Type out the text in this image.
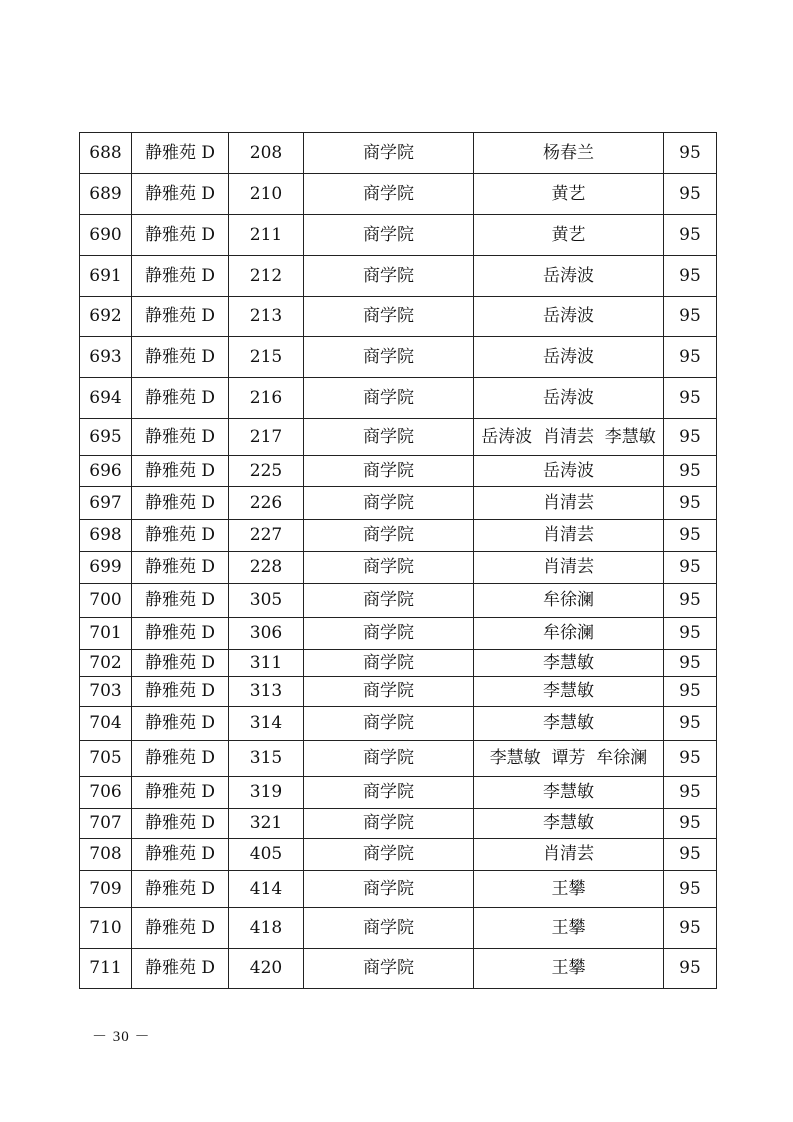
688	静雅苑 D	208	商学院	杨春兰	95
689	静雅苑 D	210	商学院	黄艺	95
690	静雅苑 D	211	商学院	黄艺	95
691	静雅苑 D	212	商学院	岳涛波	95
692	静雅苑 D	213	商学院	岳涛波	95
693	静雅苑 D	215	商学院	岳涛波	95
694	静雅苑 D	216	商学院	岳涛波	95
695	静雅苑 D	217	商学院	岳涛波  肖清芸  李慧敏	95
696	静雅苑 D	225	商学院	岳涛波	95
697	静雅苑 D	226	商学院	肖清芸	95
698	静雅苑 D	227	商学院	肖清芸	95
699	静雅苑 D	228	商学院	肖清芸	95
700	静雅苑 D	305	商学院	牟徐澜	95
701	静雅苑 D	306	商学院	牟徐澜	95
702	静雅苑 D	311	商学院	李慧敏	95
703	静雅苑 D	313	商学院	李慧敏	95
704	静雅苑 D	314	商学院	李慧敏	95
705	静雅苑 D	315	商学院	李慧敏  谭芳  牟徐澜	95
706	静雅苑 D	319	商学院	李慧敏	95
707	静雅苑 D	321	商学院	李慧敏	95
708	静雅苑 D	405	商学院	肖清芸	95
709	静雅苑 D	414	商学院	王攀	95
710	静雅苑 D	418	商学院	王攀	95
711	静雅苑 D	420	商学院	王攀	95
－ 30 －
